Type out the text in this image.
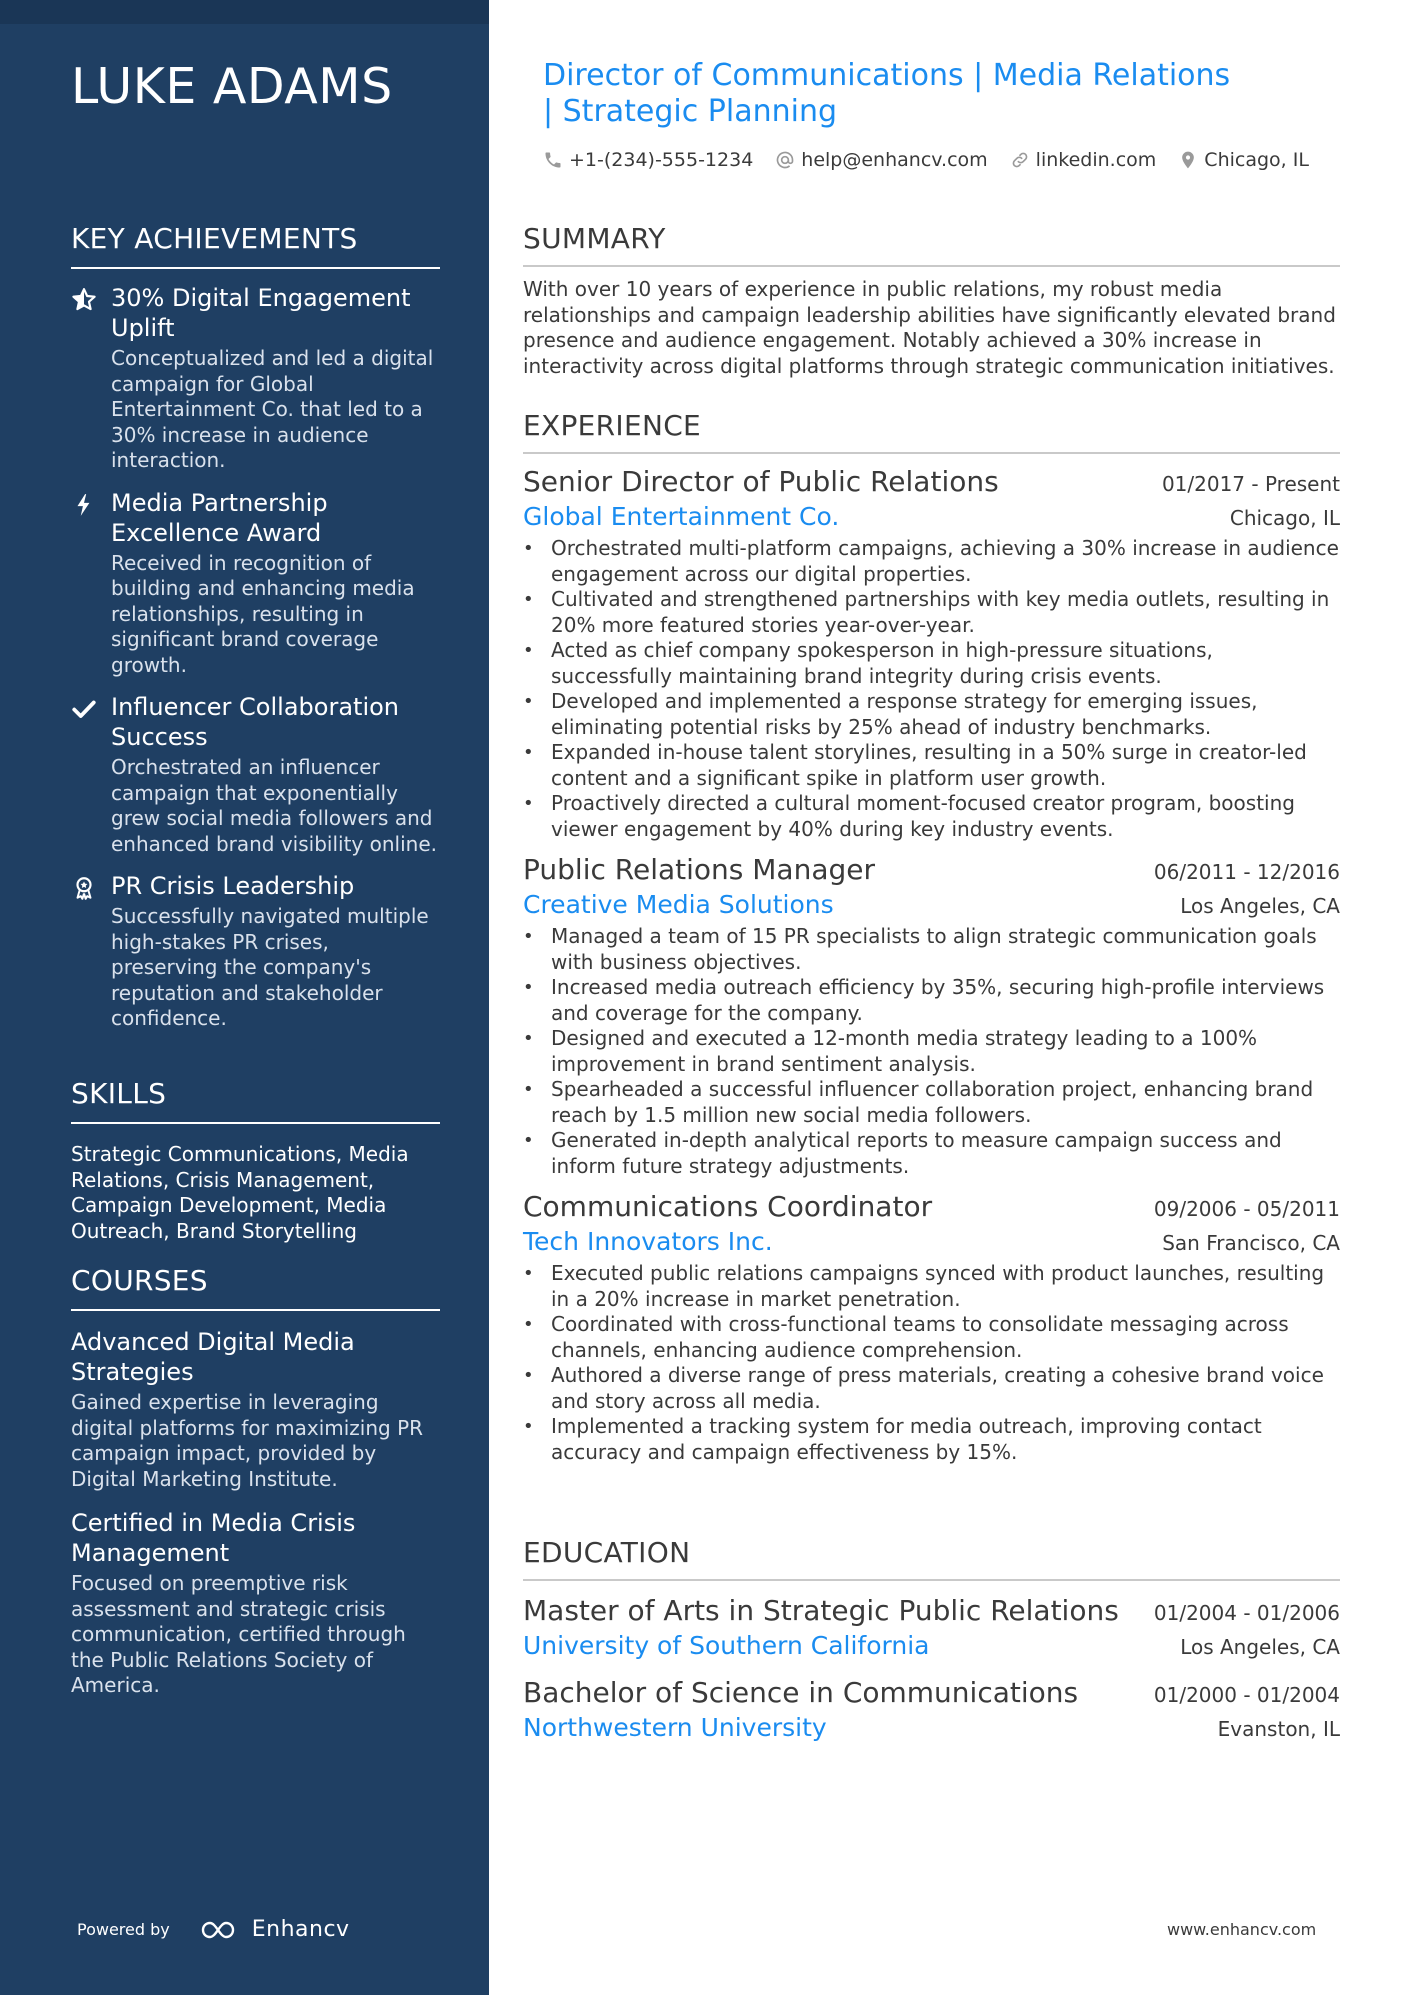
LUKE ADAMS
KEY ACHIEVEMENTS
30% Digital Engagement Uplift
Conceptualized and led a digital campaign for Global Entertainment Co. that led to a 30% increase in audience interaction.
Media Partnership Excellence Award
Received in recognition of building and enhancing media relationships, resulting in significant brand coverage growth.
Influencer Collaboration Success
Orchestrated an influencer campaign that exponentially grew social media followers and enhanced brand visibility online.
PR Crisis Leadership
Successfully navigated multiple high-stakes PR crises, preserving the company's reputation and stakeholder confidence.
SKILLS
Strategic Communications, Media Relations, Crisis Management, Campaign Development, Media Outreach, Brand Storytelling
COURSES
Advanced Digital Media Strategies
Gained expertise in leveraging digital platforms for maximizing PR campaign impact, provided by Digital Marketing Institute.
Certified in Media Crisis Management
Focused on preemptive risk assessment and strategic crisis communication, certified through the Public Relations Society of America.
Powered by	Enhancv
Director of Communications | Media Relations | Strategic Planning
+1-(234)-555-1234	help@enhancv.com	linkedin.com	Chicago, IL
SUMMARY
With over 10 years of experience in public relations, my robust media relationships and campaign leadership abilities have significantly elevated brand presence and audience engagement. Notably achieved a 30% increase in interactivity across digital platforms through strategic communication initiatives.
EXPERIENCE
Senior Director of Public Relations	01/2017 - Present
Global Entertainment Co.	Chicago, IL
• Orchestrated multi-platform campaigns, achieving a 30% increase in audience engagement across our digital properties.
• Cultivated and strengthened partnerships with key media outlets, resulting in 20% more featured stories year-over-year.
• Acted as chief company spokesperson in high-pressure situations, successfully maintaining brand integrity during crisis events.
• Developed and implemented a response strategy for emerging issues, eliminating potential risks by 25% ahead of industry benchmarks.
• Expanded in-house talent storylines, resulting in a 50% surge in creator-led content and a significant spike in platform user growth.
• Proactively directed a cultural moment-focused creator program, boosting viewer engagement by 40% during key industry events.
Public Relations Manager	06/2011 - 12/2016
Creative Media Solutions	Los Angeles, CA
• Managed a team of 15 PR specialists to align strategic communication goals with business objectives.
• Increased media outreach efficiency by 35%, securing high-profile interviews and coverage for the company.
• Designed and executed a 12-month media strategy leading to a 100% improvement in brand sentiment analysis.
• Spearheaded a successful influencer collaboration project, enhancing brand reach by 1.5 million new social media followers.
• Generated in-depth analytical reports to measure campaign success and inform future strategy adjustments.
Communications Coordinator	09/2006 - 05/2011
Tech Innovators Inc.	San Francisco, CA
• Executed public relations campaigns synced with product launches, resulting in a 20% increase in market penetration.
• Coordinated with cross-functional teams to consolidate messaging across channels, enhancing audience comprehension.
• Authored a diverse range of press materials, creating a cohesive brand voice and story across all media.
• Implemented a tracking system for media outreach, improving contact accuracy and campaign effectiveness by 15%.
EDUCATION
Master of Arts in Strategic Public Relations 01/2004 - 01/2006
University of Southern California	Los Angeles, CA
Bachelor of Science in Communications	01/2000 - 01/2004
Northwestern University	Evanston, IL
www.enhancv.com
